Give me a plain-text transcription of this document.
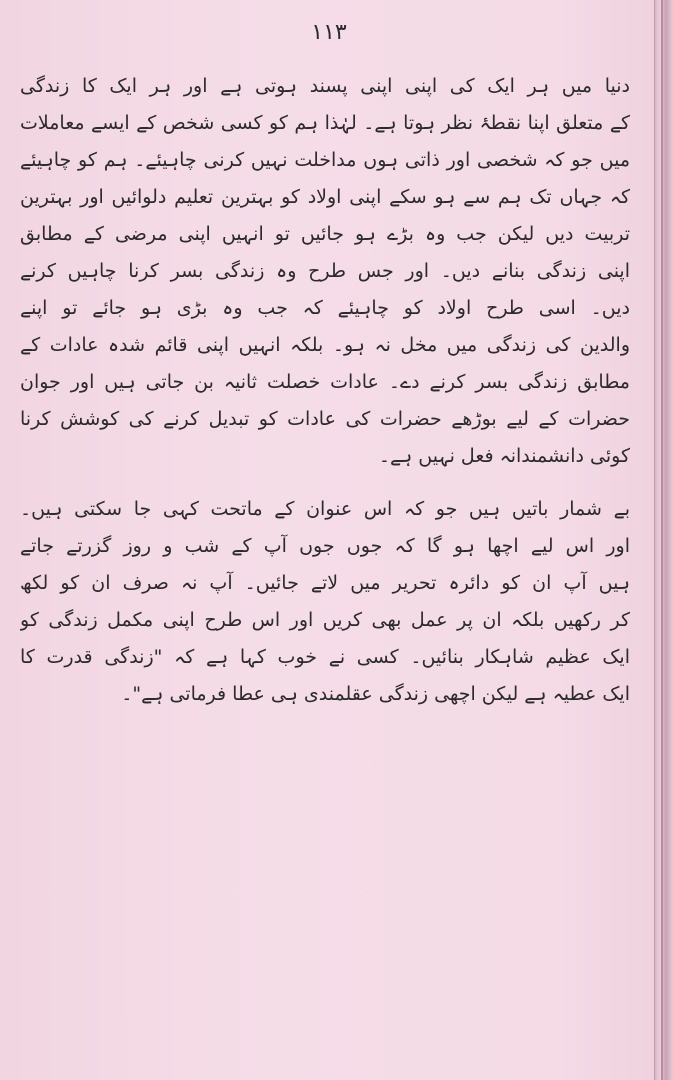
۱۱۳
دنیا میں ہر ایک کی اپنی اپنی پسند ہوتی ہے اور ہر ایک کا زندگی
کے متعلق اپنا نقطۂ نظر ہوتا ہے۔ لہٰذا ہم کو کسی شخص کے ایسے معاملات
میں جو کہ شخصی اور ذاتی ہوں مداخلت نہیں کرنی چاہیئے۔ ہم کو چاہیئے
کہ جہاں تک ہم سے ہو سکے اپنی اولاد کو بہترین تعلیم دلوائیں اور بہترین
تربیت دیں لیکن جب وہ بڑے ہو جائیں تو انہیں اپنی مرضی کے مطابق
اپنی زندگی بنانے دیں۔ اور جس طرح وہ زندگی بسر کرنا چاہیں کرنے
دیں۔ اسی طرح اولاد کو چاہیئے کہ جب وہ بڑی ہو جائے تو اپنے
والدین کی زندگی میں مخل نہ ہو۔ بلکہ انہیں اپنی قائم شدہ عادات کے
مطابق زندگی بسر کرنے دے۔ عادات خصلت ثانیہ بن جاتی ہیں اور جوان
حضرات کے لیے بوڑھے حضرات کی عادات کو تبدیل کرنے کی کوشش کرنا
کوئی دانشمندانہ فعل نہیں ہے۔
بے شمار باتیں ہیں جو کہ اس عنوان کے ماتحت کہی جا سکتی ہیں۔
اور اس لیے اچھا ہو گا کہ جوں جوں آپ کے شب و روز گزرتے جاتے
ہیں آپ ان کو دائرہ تحریر میں لاتے جائیں۔ آپ نہ صرف ان کو لکھ
کر رکھیں بلکہ ان پر عمل بھی کریں اور اس طرح اپنی مکمل زندگی کو
ایک عظیم شاہکار بنائیں۔ کسی نے خوب کہا ہے کہ "زندگی قدرت کا
ایک عطیہ ہے لیکن اچھی زندگی عقلمندی ہی عطا فرماتی ہے"۔
